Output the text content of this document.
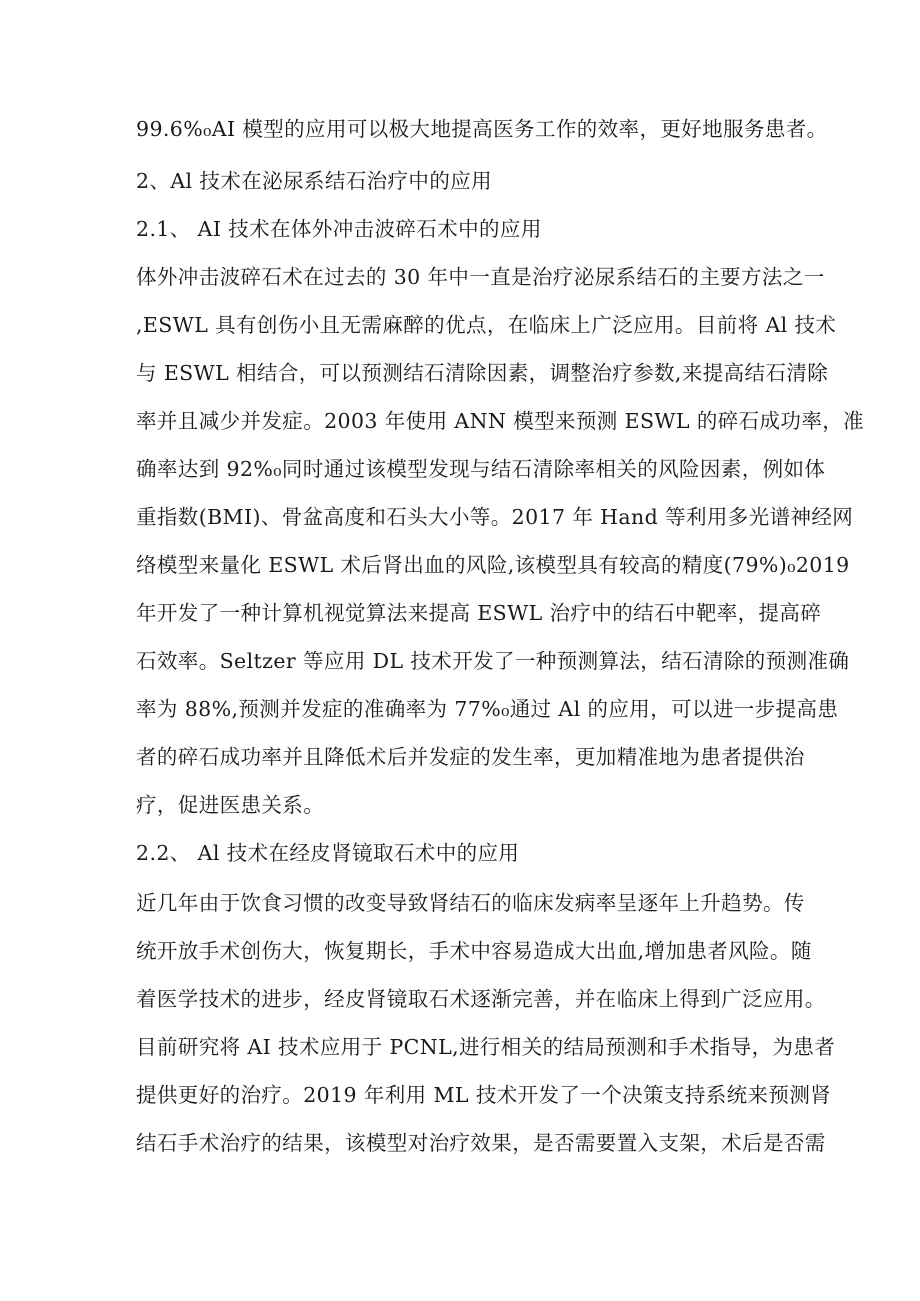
99.6%₀AI 模型的应用可以极大地提高医务工作的效率，更好地服务患者。
2、Al 技术在泌尿系结石治疗中的应用
2.1、 AI 技术在体外冲击波碎石术中的应用
体外冲击波碎石术在过去的 30 年中一直是治疗泌尿系结石的主要方法之一
,ESWL 具有创伤小且无需麻醉的优点，在临床上广泛应用。目前将 Al 技术
与 ESWL 相结合，可以预测结石清除因素，调整治疗参数,来提高结石清除
率并且减少并发症。2003 年使用 ANN 模型来预测 ESWL 的碎石成功率，准
确率达到 92%₀同时通过该模型发现与结石清除率相关的风险因素，例如体
重指数(BMI)、骨盆高度和石头大小等。2017 年 Hand 等利用多光谱神经网
络模型来量化 ESWL 术后肾出血的风险,该模型具有较高的精度(79%)₀2019
年开发了一种计算机视觉算法来提高 ESWL 治疗中的结石中靶率，提高碎
石效率。Seltzer 等应用 DL 技术开发了一种预测算法，结石清除的预测准确
率为 88%,预测并发症的准确率为 77%₀通过 Al 的应用，可以进一步提高患
者的碎石成功率并且降低术后并发症的发生率，更加精准地为患者提供治
疗，促进医患关系。
2.2、 Al 技术在经皮肾镜取石术中的应用
近几年由于饮食习惯的改变导致肾结石的临床发病率呈逐年上升趋势。传
统开放手术创伤大，恢复期长，手术中容易造成大出血,增加患者风险。随
着医学技术的进步，经皮肾镜取石术逐渐完善，并在临床上得到广泛应用。
目前研究将 AI 技术应用于 PCNL,进行相关的结局预测和手术指导，为患者
提供更好的治疗。2019 年利用 ML 技术开发了一个决策支持系统来预测肾
结石手术治疗的结果，该模型对治疗效果，是否需要置入支架，术后是否需
